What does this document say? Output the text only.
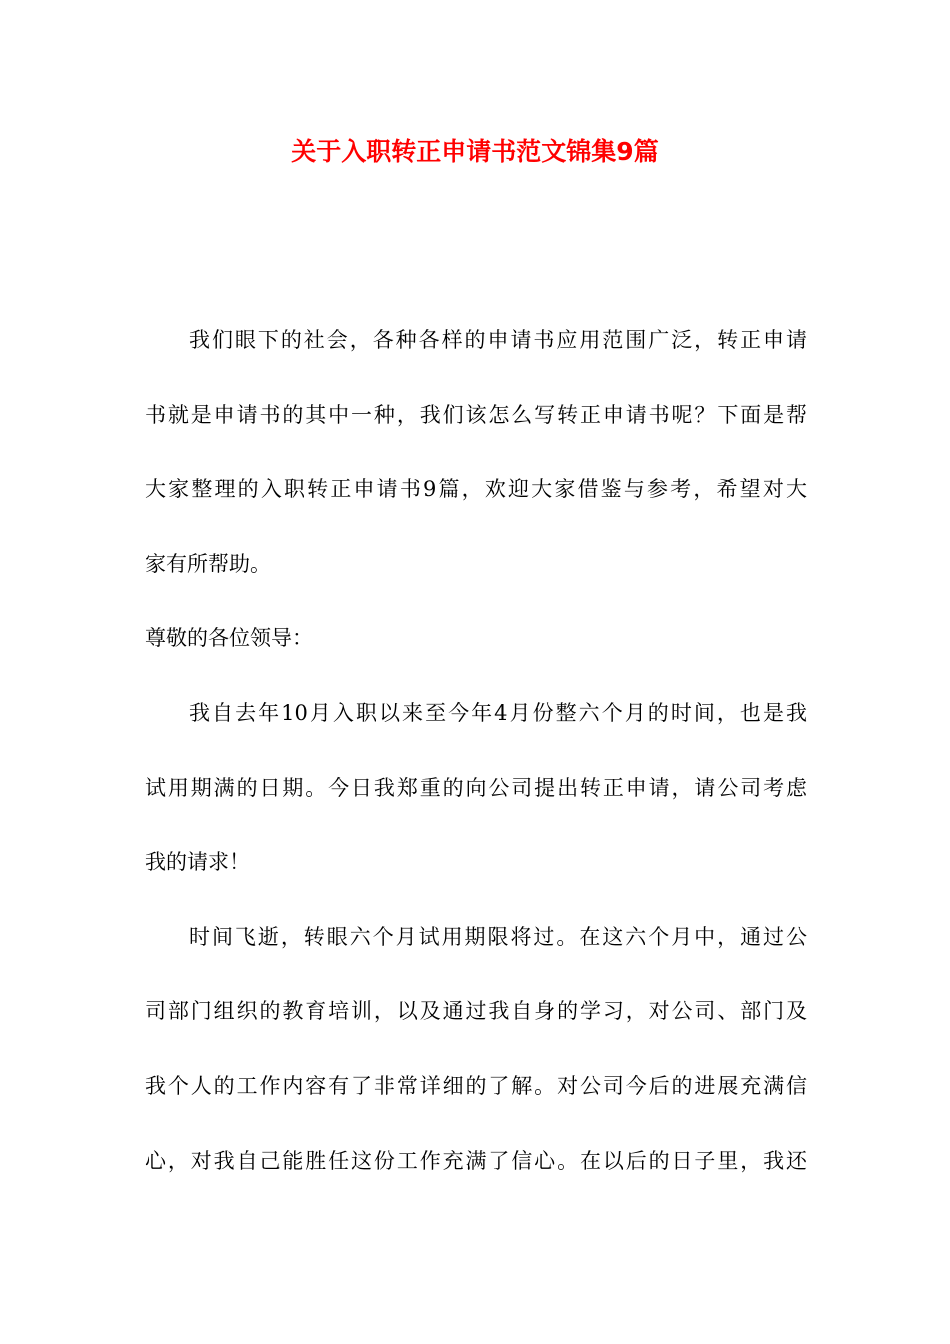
关于入职转正申请书范文锦集9篇
我们眼下的社会，各种各样的申请书应用范围广泛，转正申请
书就是申请书的其中一种，我们该怎么写转正申请书呢？下面是帮
大家整理的入职转正申请书9篇，欢迎大家借鉴与参考，希望对大
家有所帮助。
尊敬的各位领导：
我自去年10月入职以来至今年4月份整六个月的时间，也是我
试用期满的日期。今日我郑重的向公司提出转正申请，请公司考虑
我的请求！
时间飞逝，转眼六个月试用期限将过。在这六个月中，通过公
司部门组织的教育培训，以及通过我自身的学习，对公司、部门及
我个人的工作内容有了非常详细的了解。对公司今后的进展充满信
心，对我自己能胜任这份工作充满了信心。在以后的日子里，我还
